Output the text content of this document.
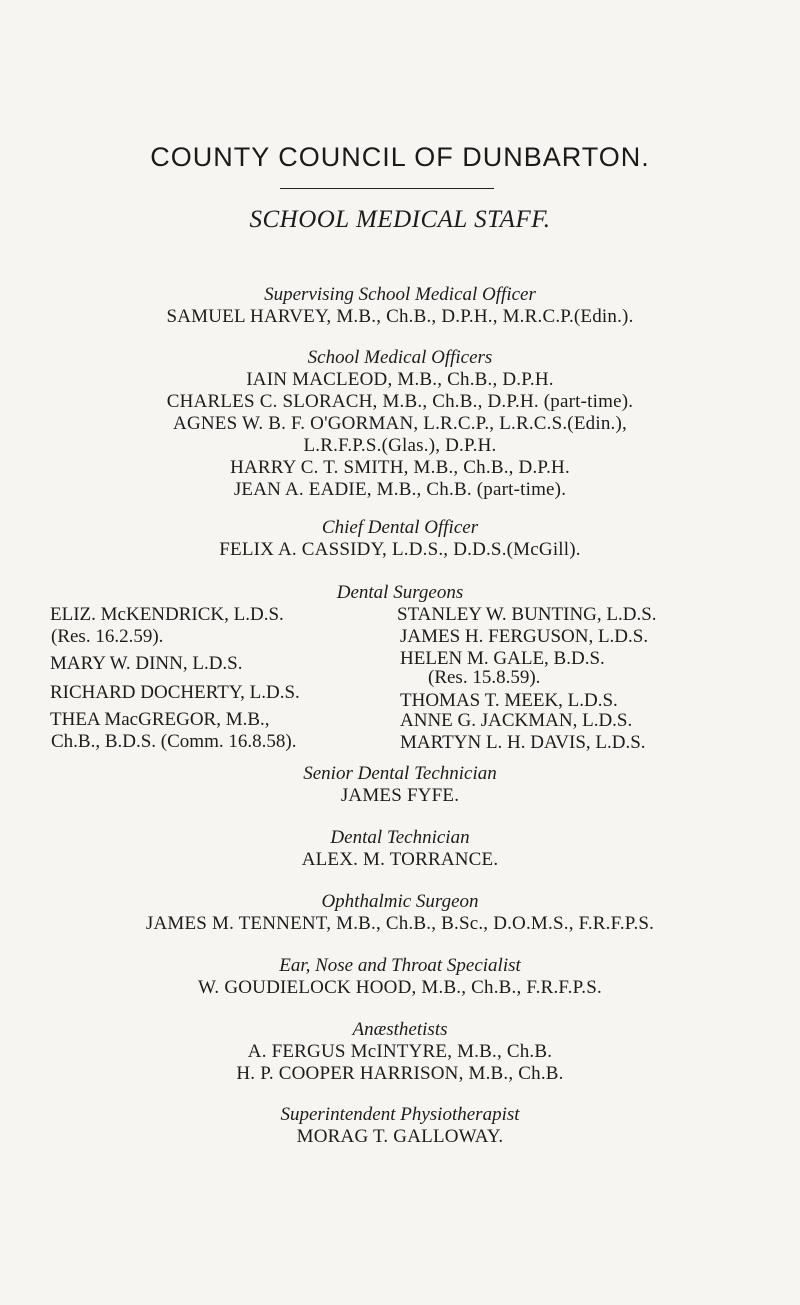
COUNTY COUNCIL OF DUNBARTON.
SCHOOL MEDICAL STAFF.
Supervising School Medical Officer
SAMUEL HARVEY, M.B., Ch.B., D.P.H., M.R.C.P.(Edin.).
School Medical Officers
IAIN MACLEOD, M.B., Ch.B., D.P.H.
CHARLES C. SLORACH, M.B., Ch.B., D.P.H. (part-time).
AGNES W. B. F. O'GORMAN, L.R.C.P., L.R.C.S.(Edin.),
L.R.F.P.S.(Glas.), D.P.H.
HARRY C. T. SMITH, M.B., Ch.B., D.P.H.
JEAN A. EADIE, M.B., Ch.B. (part-time).
Chief Dental Officer
FELIX A. CASSIDY, L.D.S., D.D.S.(McGill).
Dental Surgeons
ELIZ. McKENDRICK, L.D.S.
(Res. 16.2.59).
MARY W. DINN, L.D.S.
RICHARD DOCHERTY, L.D.S.
THEA MacGREGOR, M.B.,
Ch.B., B.D.S. (Comm. 16.8.58).
STANLEY W. BUNTING, L.D.S.
JAMES H. FERGUSON, L.D.S.
HELEN M. GALE, B.D.S.
(Res. 15.8.59).
THOMAS T. MEEK, L.D.S.
ANNE G. JACKMAN, L.D.S.
MARTYN L. H. DAVIS, L.D.S.
Senior Dental Technician
JAMES FYFE.
Dental Technician
ALEX. M. TORRANCE.
Ophthalmic Surgeon
JAMES M. TENNENT, M.B., Ch.B., B.Sc., D.O.M.S., F.R.F.P.S.
Ear, Nose and Throat Specialist
W. GOUDIELOCK HOOD, M.B., Ch.B., F.R.F.P.S.
Anæsthetists
A. FERGUS McINTYRE, M.B., Ch.B.
H. P. COOPER HARRISON, M.B., Ch.B.
Superintendent Physiotherapist
MORAG T. GALLOWAY.
